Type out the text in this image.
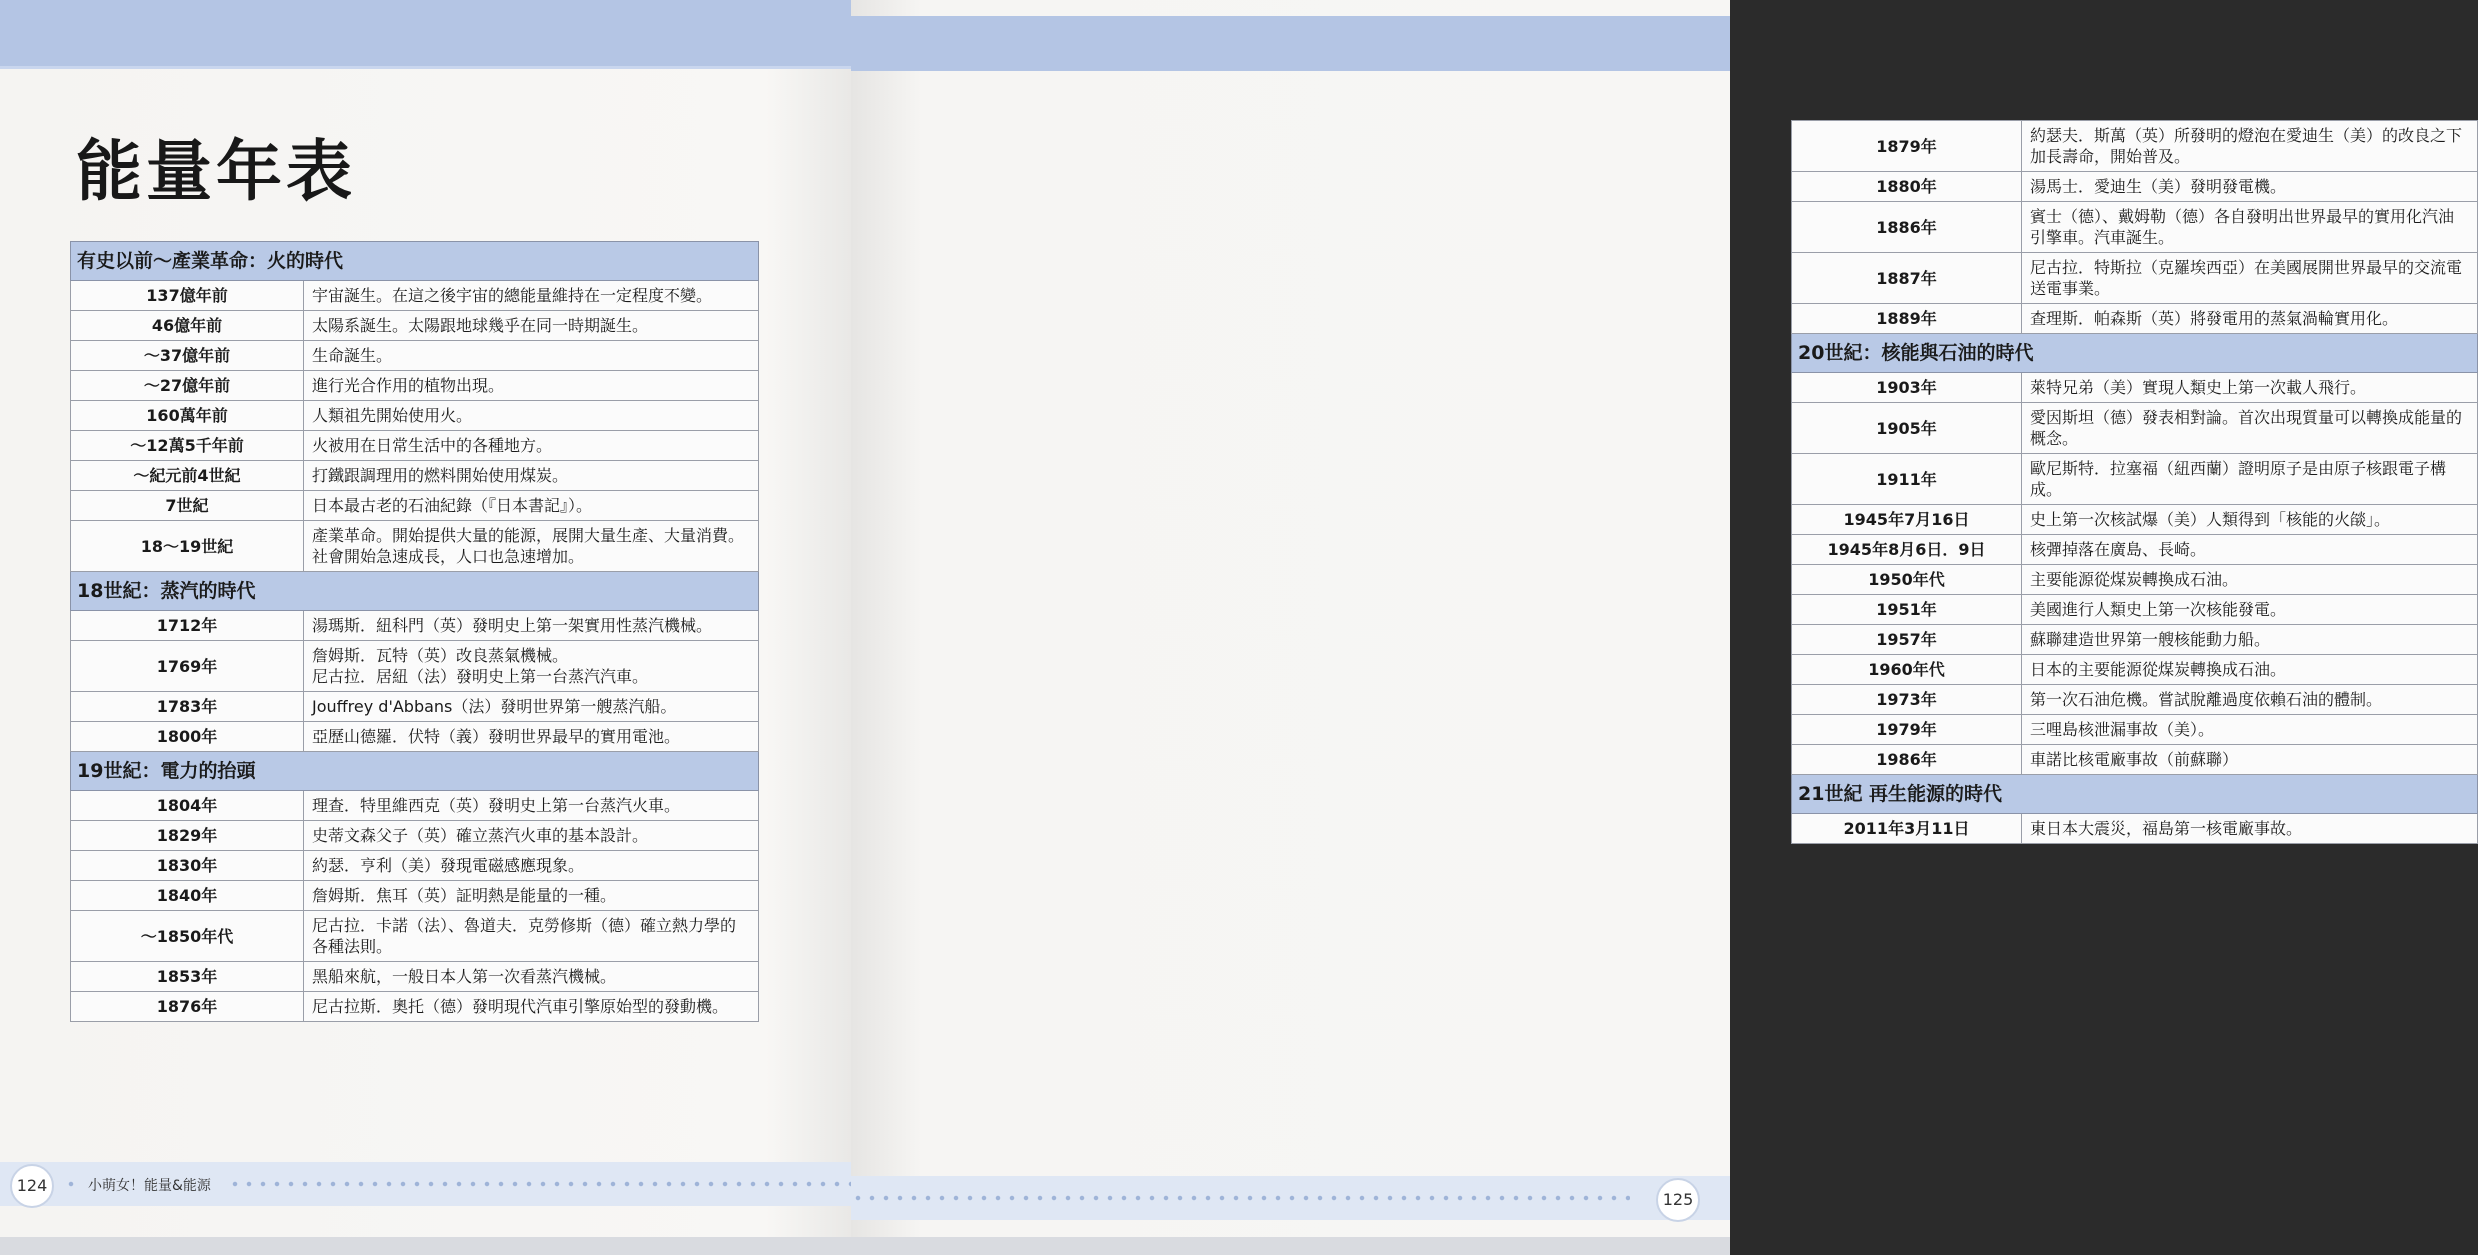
能量年表
有史以前～產業革命：火的時代	
137億年前	宇宙誕生。在這之後宇宙的總能量維持在一定程度不變。

46億年前	太陽系誕生。太陽跟地球幾乎在同一時期誕生。

～37億年前	生命誕生。

～27億年前	進行光合作用的植物出現。

160萬年前	人類祖先開始使用火。

～12萬5千年前	火被用在日常生活中的各種地方。

～紀元前4世紀	打鐵跟調理用的燃料開始使用煤炭。

7世紀	日本最古老的石油紀錄（『日本書記』）。

18～19世紀	產業革命。開始提供大量的能源，展開大量生產、大量消費。社會開始急速成長，人口也急速增加。

18世紀：蒸汽的時代	
1712年	湯瑪斯．紐科門（英）發明史上第一架實用性蒸汽機械。

1769年	詹姆斯．瓦特（英）改良蒸氣機械。
尼古拉．居紐（法）發明史上第一台蒸汽汽車。

1783年	Jouffrey d'Abbans（法）發明世界第一艘蒸汽船。

1800年	亞歷山德羅．伏特（義）發明世界最早的實用電池。

19世紀：電力的抬頭	
1804年	理查．特里維西克（英）發明史上第一台蒸汽火車。

1829年	史蒂文森父子（英）確立蒸汽火車的基本設計。

1830年	約瑟．亨利（美）發現電磁感應現象。

1840年	詹姆斯．焦耳（英）証明熱是能量的一種。

～1850年代	尼古拉．卡諾（法）、魯道夫．克勞修斯（德）確立熱力學的各種法則。

1853年	黑船來航，一般日本人第一次看蒸汽機械。

1876年	尼古拉斯．奧托（德）發明現代汽車引擎原始型的發動機。
124	小萌女！能量&能源
1879年	約瑟夫．斯萬（英）所發明的燈泡在愛迪生（美）的改良之下加長壽命，開始普及。

1880年	湯馬士．愛迪生（美）發明發電機。

1886年	賓士（德）、戴姆勒（德）各自發明出世界最早的實用化汽油引擎車。汽車誕生。

1887年	尼古拉．特斯拉（克羅埃西亞）在美國展開世界最早的交流電送電事業。

1889年	查理斯．帕森斯（英）將發電用的蒸氣渦輪實用化。

20世紀：核能與石油的時代	
1903年	萊特兄弟（美）實現人類史上第一次載人飛行。

1905年	愛因斯坦（德）發表相對論。首次出現質量可以轉換成能量的概念。

1911年	歐尼斯特．拉塞福（紐西蘭）證明原子是由原子核跟電子構成。

1945年7月16日	史上第一次核試爆（美）人類得到「核能的火燄」。

1945年8月6日．9日	核彈掉落在廣島、長崎。

1950年代	主要能源從煤炭轉換成石油。

1951年	美國進行人類史上第一次核能發電。

1957年	蘇聯建造世界第一艘核能動力船。

1960年代	日本的主要能源從煤炭轉換成石油。

1973年	第一次石油危機。嘗試脫離過度依賴石油的體制。

1979年	三哩島核泄漏事故（美）。

1986年	車諾比核電廠事故（前蘇聯）

21世紀 再生能源的時代	
2011年3月11日	東日本大震災，福島第一核電廠事故。
125
